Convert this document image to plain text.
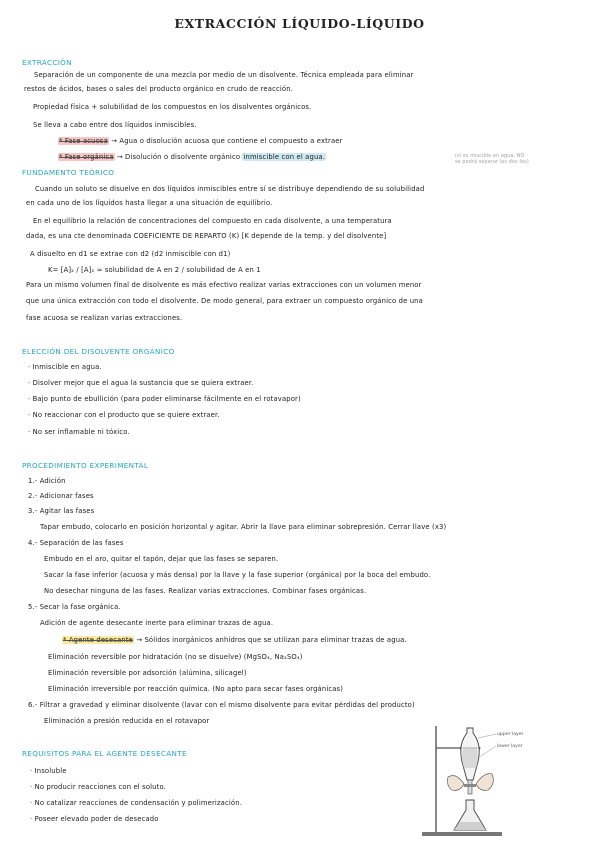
EXTRACCIÓN LÍQUIDO-LÍQUIDO
EXTRACCIÓN
Separación de un componente de una mezcla por medio de un disolvente. Técnica empleada para eliminar
restos de ácidos, bases o sales del producto orgánico en crudo de reacción.
Propiedad física + solubilidad de los compuestos en los disolventes orgánicos.
Se lleva a cabo entre dos líquidos inmiscibles.
* Fase acuosa → Agua o disolución acuosa que contiene el compuesto a extraer
* Fase orgánica → Disolución o disolvente orgánico inmiscible con el agua.	(si es miscible en agua, NO
se podrá separar las dos fas)
FUNDAMENTO TEÓRICO
Cuando un soluto se disuelve en dos líquidos inmiscibles entre sí se distribuye dependiendo de su solubilidad
en cada uno de los líquidos hasta llegar a una situación de equilibrio.
En el equilibrio la relación de concentraciones del compuesto en cada disolvente, a una temperatura
dada, es una cte denominada COEFICIENTE DE REPARTO (K) [K depende de la temp. y del disolvente]
A disuelto en d1 se extrae con d2 (d2 inmiscible con d1)
K= [A]₂ / [A]₁ ≈ solubilidad de A en 2 / solubilidad de A en 1
Para un mismo volumen final de disolvente es más efectivo realizar varias extracciones con un volumen menor
que una única extracción con todo el disolvente. De modo general, para extraer un compuesto orgánico de una
fase acuosa se realizan varias extracciones.
ELECCIÓN DEL DISOLVENTE ORGÁNICO
· Inmiscible en agua.
· Disolver mejor que el agua la sustancia que se quiera extraer.
· Bajo punto de ebullición (para poder eliminarse fácilmente en el rotavapor)
· No reaccionar con el producto que se quiere extraer.
· No ser inflamable ni tóxico.
PROCEDIMIENTO EXPERIMENTAL
1.- Adición
2.- Adicionar fases
3.- Agitar las fases
Tapar embudo, colocarlo en posición horizontal y agitar. Abrir la llave para eliminar sobrepresión. Cerrar llave (x3)
4.- Separación de las fases
Embudo en el aro, quitar el tapón, dejar que las fases se separen.
Sacar la fase inferior (acuosa y más densa) por la llave y la fase superior (orgánica) por la boca del embudo.
No desechar ninguna de las fases. Realizar varias extracciones. Combinar fases orgánicas.
5.- Secar la fase orgánica.
Adición de agente desecante inerte para eliminar trazas de agua.
* Agente desecante → Sólidos inorgánicos anhidros que se utilizan para eliminar trazas de agua.
Eliminación reversible por hidratación (no se disuelve) (MgSO₄, Na₂SO₄)
Eliminación reversible por adsorción (alúmina, silicagel)
Eliminación irreversible por reacción química. (No apto para secar fases orgánicas)
6.- Filtrar a gravedad y eliminar disolvente (lavar con el mismo disolvente para evitar pérdidas del producto)
Eliminación a presión reducida en el rotavapor
REQUISITOS PARA EL AGENTE DESECANTE
· Insoluble
· No producir reacciones con el soluto.
· No catalizar reacciones de condensación y polimerización.
· Poseer elevado poder de desecado
upper layer
lower layer
